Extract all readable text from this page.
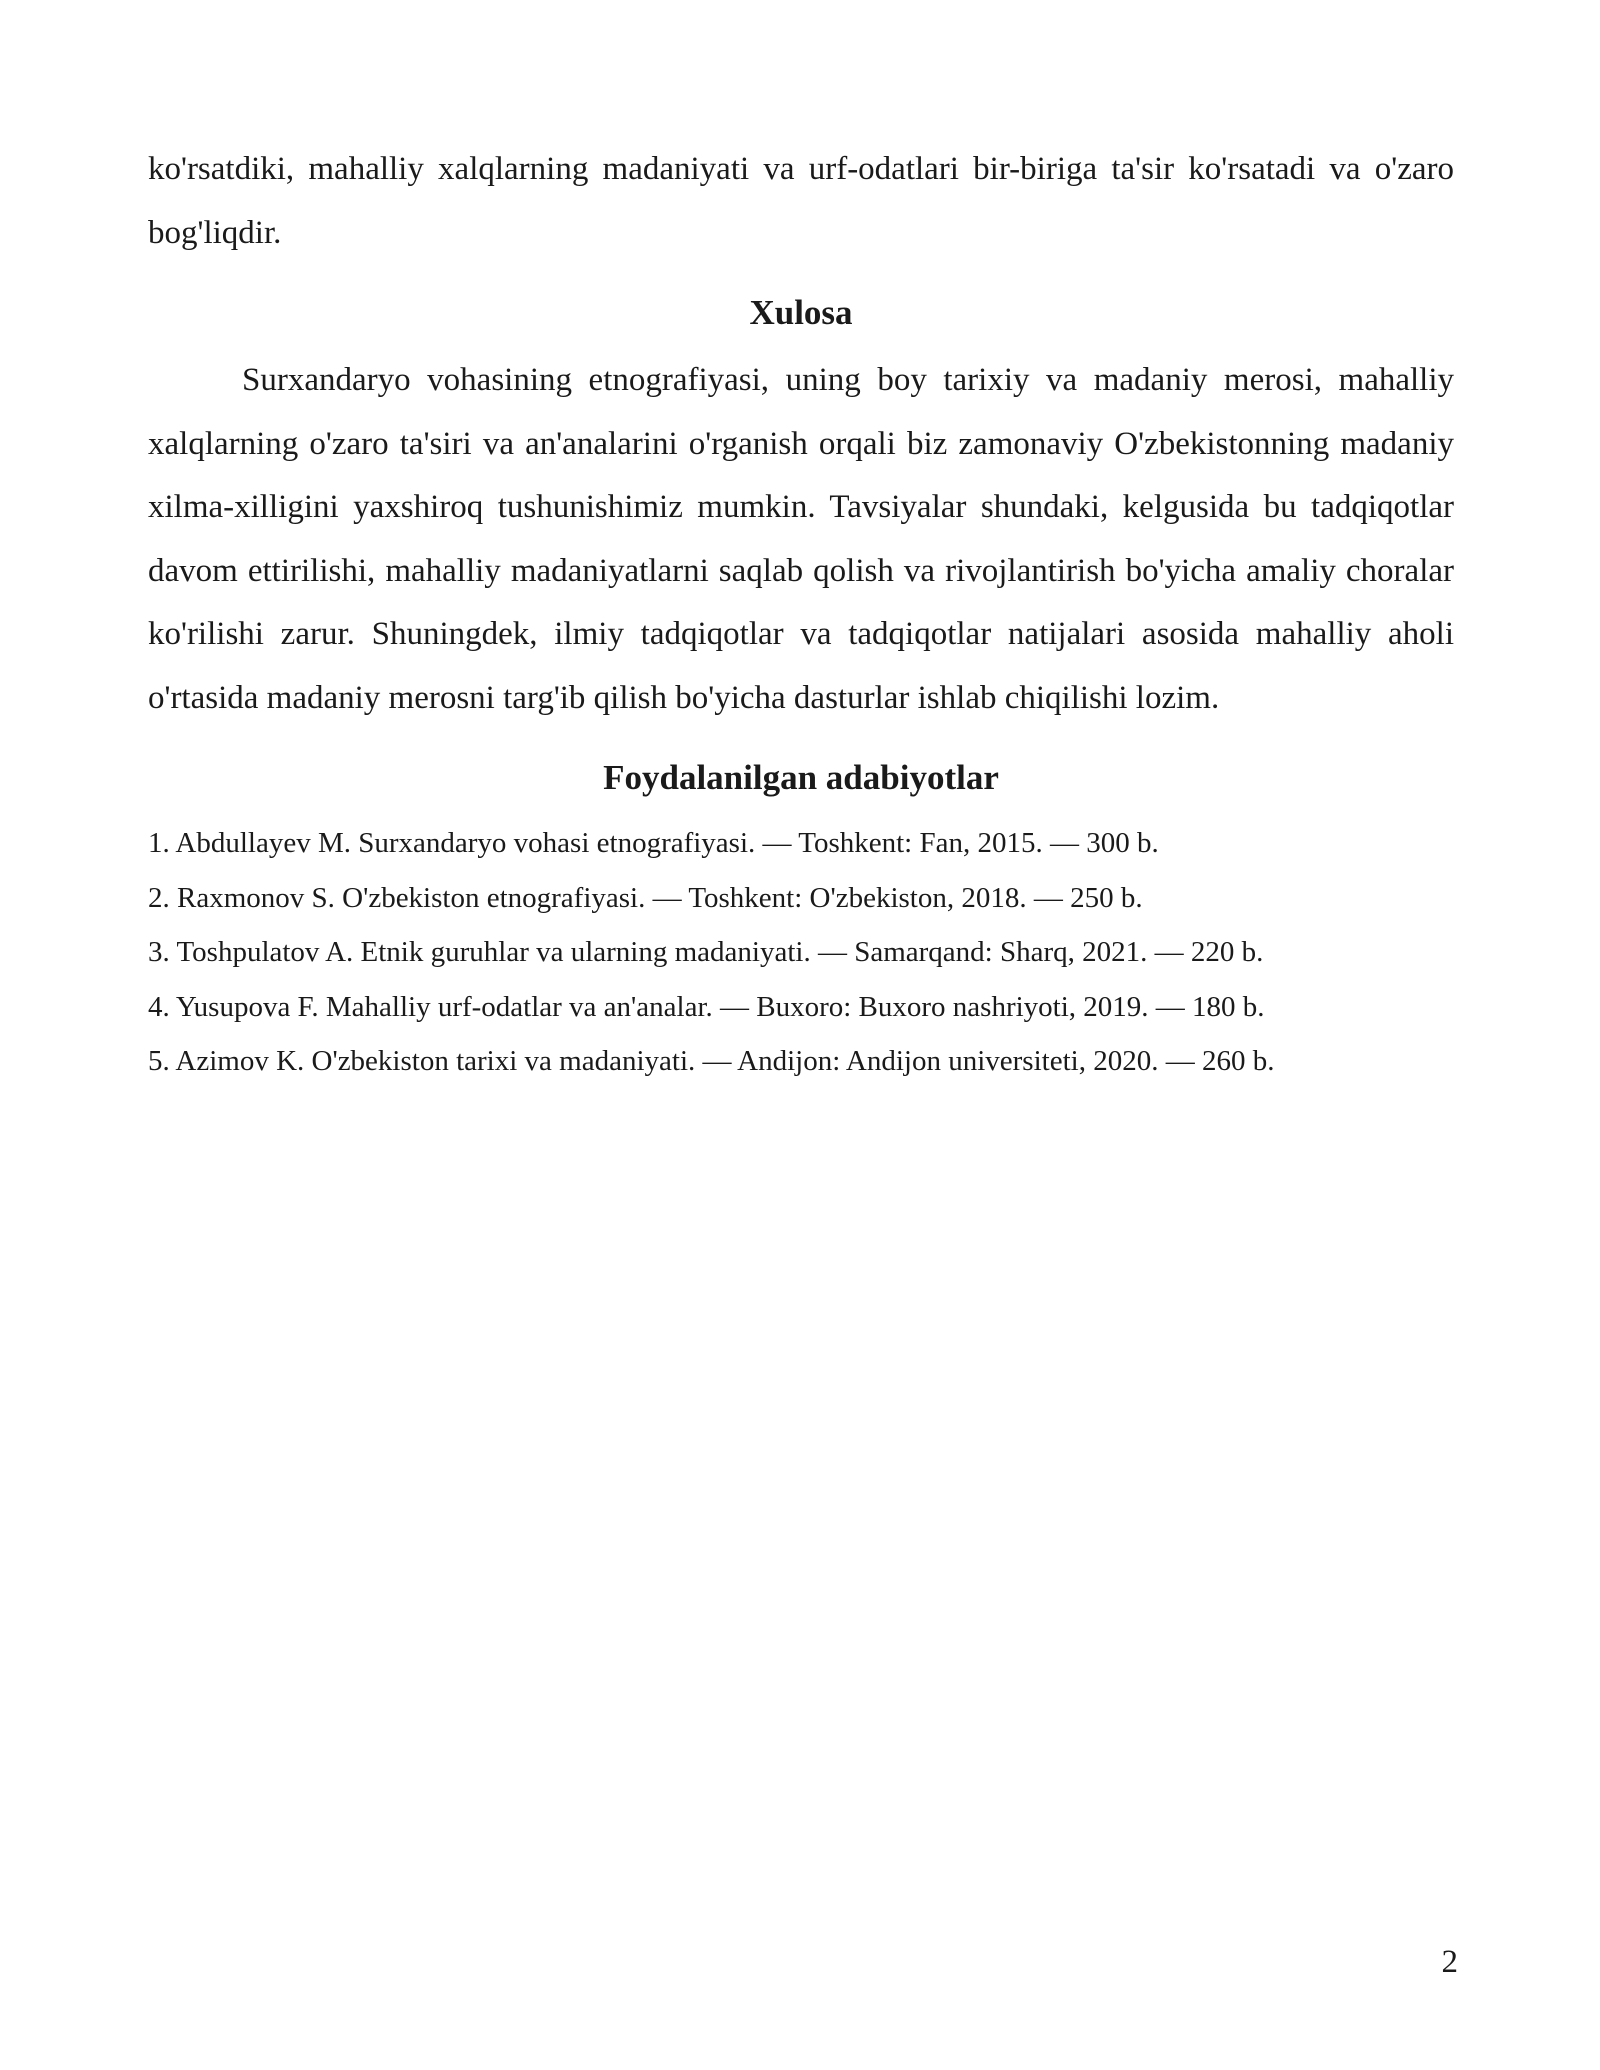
ko'rsatdiki, mahalliy xalqlarning madaniyati va urf-odatlari bir-biriga ta'sir ko'rsatadi va o'zaro bog'liqdir.

Xulosa

Surxandaryo vohasining etnografiyasi, uning boy tarixiy va madaniy merosi, mahalliy xalqlarning o'zaro ta'siri va an'analarini o'rganish orqali biz zamonaviy O'zbekistonning madaniy xilma-xilligini yaxshiroq tushunishimiz mumkin. Tavsiyalar shundaki, kelgusida bu tadqiqotlar davom ettirilishi, mahalliy madaniyatlarni saqlab qolish va rivojlantirish bo'yicha amaliy choralar ko'rilishi zarur. Shuningdek, ilmiy tadqiqotlar va tadqiqotlar natijalari asosida mahalliy aholi o'rtasida madaniy merosni targ'ib qilish bo'yicha dasturlar ishlab chiqilishi lozim.

Foydalanilgan adabiyotlar
1. Abdullayev M. Surxandaryo vohasi etnografiyasi. — Toshkent: Fan, 2015. — 300 b.
2. Raxmonov S. O'zbekiston etnografiyasi. — Toshkent: O'zbekiston, 2018. — 250 b.
3. Toshpulatov A. Etnik guruhlar va ularning madaniyati. — Samarqand: Sharq, 2021. — 220 b.
4. Yusupova F. Mahalliy urf-odatlar va an'analar. — Buxoro: Buxoro nashriyoti, 2019. — 180 b.
5. Azimov K. O'zbekiston tarixi va madaniyati. — Andijon: Andijon universiteti, 2020. — 260 b.
2
